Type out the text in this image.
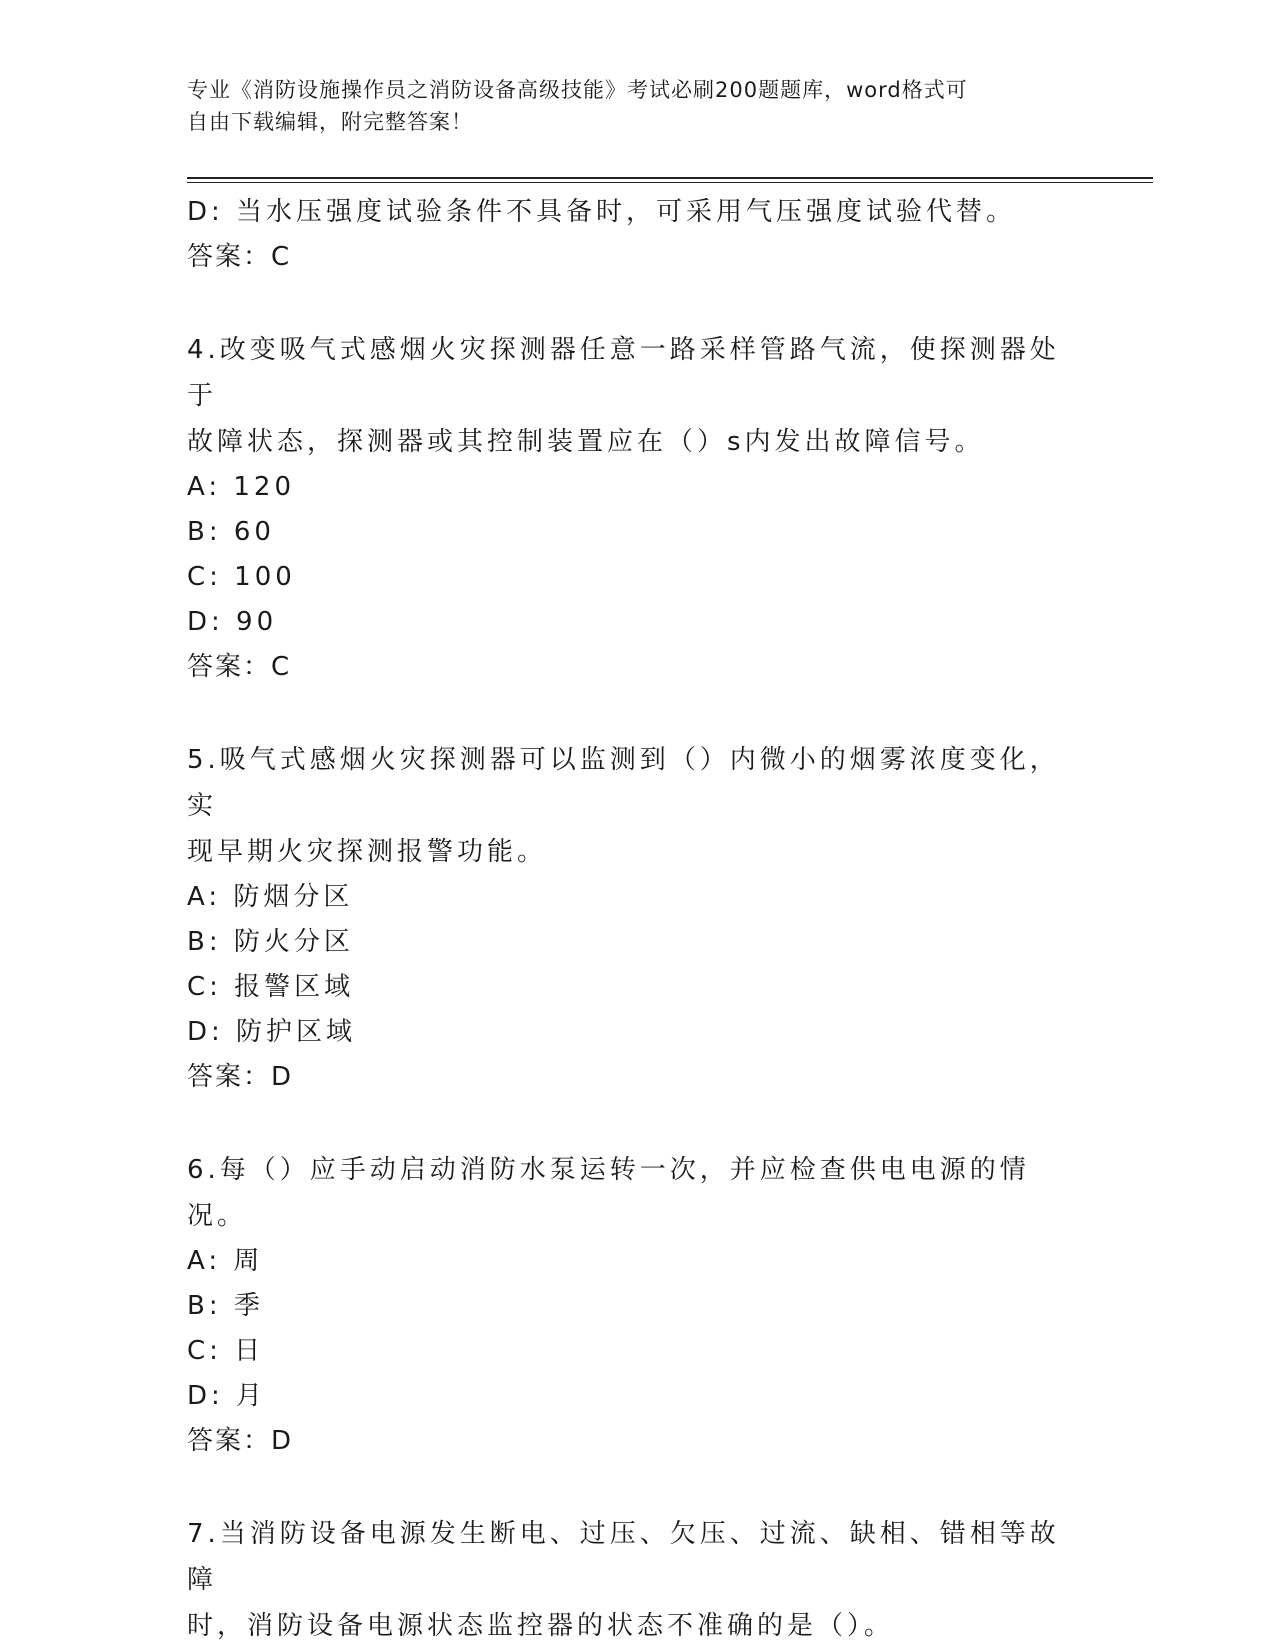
专业《消防设施操作员之消防设备高级技能》考试必刷200题题库，word格式可
自由下载编辑，附完整答案！
D: 当水压强度试验条件不具备时，可采用气压强度试验代替。
答案：C
4.改变吸气式感烟火灾探测器任意一路采样管路气流，使探测器处于
故障状态，探测器或其控制装置应在（）s内发出故障信号。
A: 120
B: 60
C: 100
D: 90
答案：C
5.吸气式感烟火灾探测器可以监测到（）内微小的烟雾浓度变化，实
现早期火灾探测报警功能。
A: 防烟分区
B: 防火分区
C: 报警区域
D: 防护区域
答案：D
6.每（）应手动启动消防水泵运转一次，并应检查供电电源的情况。
A: 周
B: 季
C: 日
D: 月
答案：D
7.当消防设备电源发生断电、过压、欠压、过流、缺相、错相等故障
时，消防设备电源状态监控器的状态不准确的是（）。
